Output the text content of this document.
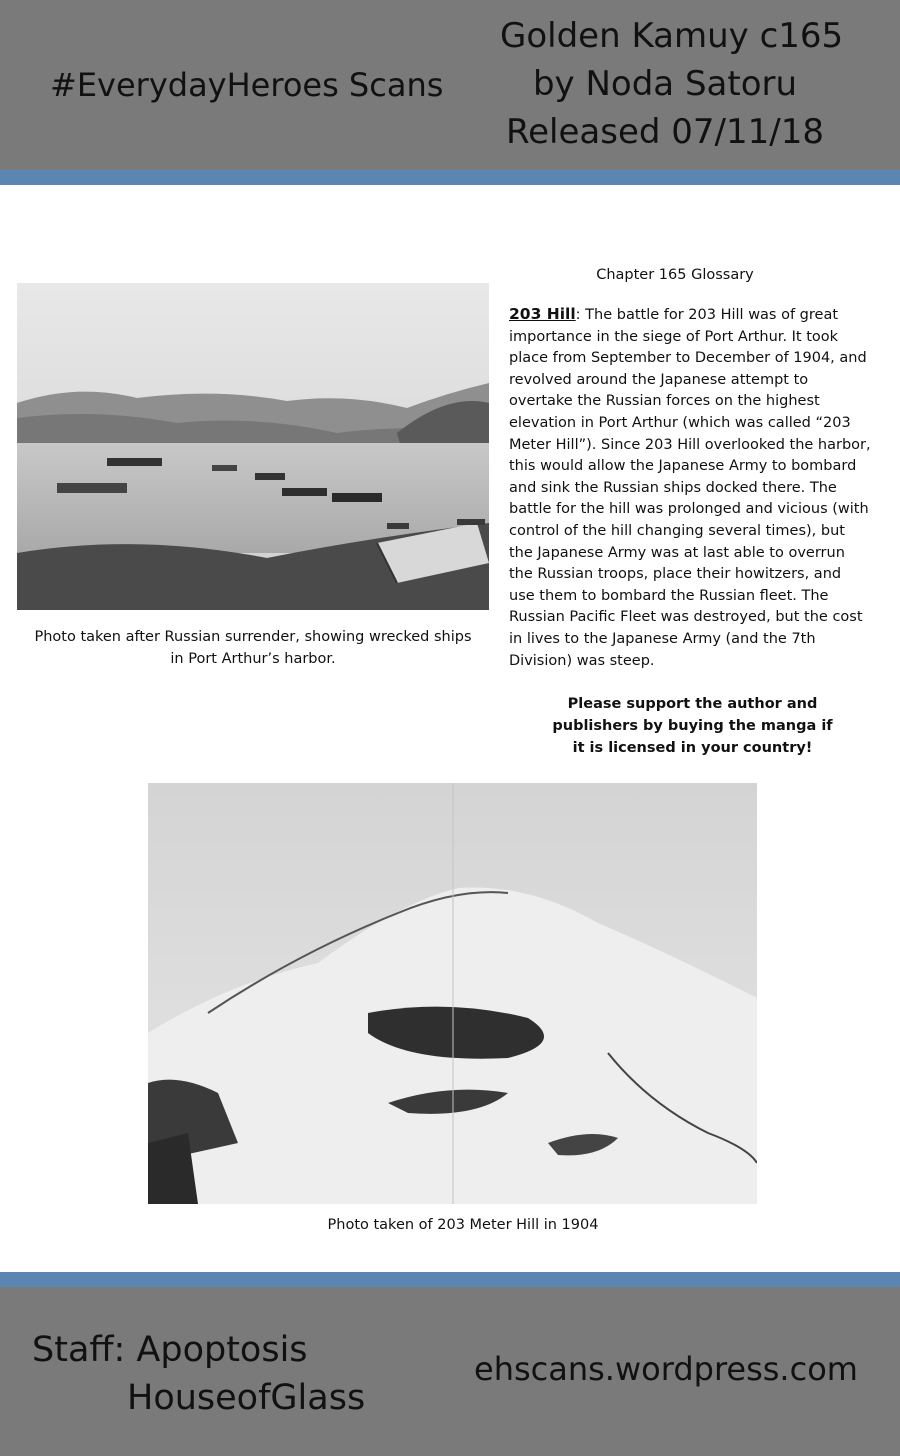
#EverydayHeroes Scans
Golden Kamuy c165
by Noda Satoru
Released 07/11/18
Photo taken after Russian surrender, showing wrecked ships
in Port Arthur’s harbor.
Chapter 165 Glossary
203 Hill: The battle for 203 Hill was of great importance in the siege of Port Arthur. It took place from September to December of 1904, and revolved around the Japanese attempt to overtake the Russian forces on the highest elevation in Port Arthur (which was called “203 Meter Hill”). Since 203 Hill overlooked the harbor, this would allow the Japanese Army to bombard and sink the Russian ships docked there. The battle for the hill was prolonged and vicious (with control of the hill changing several times), but the Japanese Army was at last able to overrun the Russian troops, place their howitzers, and use them to bombard the Russian fleet. The Russian Pacific Fleet was destroyed, but the cost in lives to the Japanese Army (and the 7th Division) was steep.
Please support the author and
publishers by buying the manga if
it is licensed in your country!
Photo taken of 203 Meter Hill in 1904
Staff: Apoptosis
HouseofGlass
ehscans.wordpress.com
